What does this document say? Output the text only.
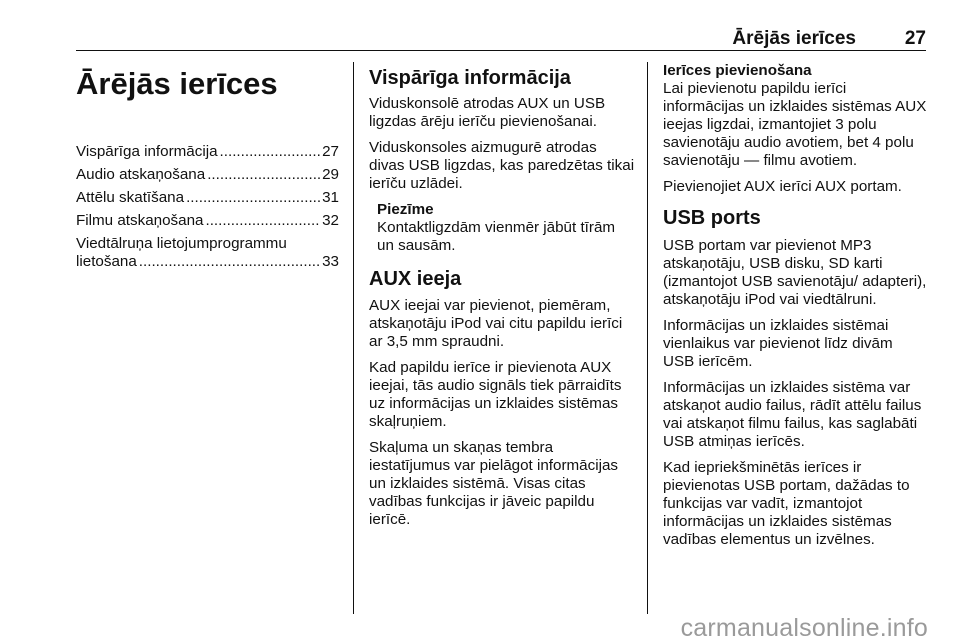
Ārējās ierīces	27
Ārējās ierīces
Vispārīga informācija .....	27
Audio atskaņošana .....	29
Attēlu skatīšana .....	31
Filmu atskaņošana .....	32
Viedtālruņa lietojumprogrammu
lietošana .....	33
Vispārīga informācija

Viduskonsolē atrodas AUX un USB ligzdas ārēju ierīču pievienošanai.

Viduskonsoles aizmugurē atrodas divas USB ligzdas, kas paredzētas tikai ierīču uzlādei.

Piezīme
Kontaktligzdām vienmēr jābūt tīrām un sausām.
AUX ieeja

AUX ieejai var pievienot, piemēram, atskaņotāju iPod vai citu papildu ierīci ar 3,5 mm spraudni.

Kad papildu ierīce ir pievienota AUX ieejai, tās audio signāls tiek pārraidīts uz informācijas un izklaides sistēmas skaļruņiem.

Skaļuma un skaņas tembra iestatījumus var pielāgot informācijas un izklaides sistēmā. Visas citas vadības funkcijas ir jāveic papildu ierīcē.

Ierīces pievienošana
Lai pievienotu papildu ierīci informācijas un izklaides sistēmas AUX ieejas ligzdai, izmantojiet 3 polu savienotāju audio avotiem, bet 4 polu savienotāju — filmu avotiem.

Pievienojiet AUX ierīci AUX portam.

USB ports

USB portam var pievienot MP3 atskaņotāju, USB disku, SD karti (izmantojot USB savienotāju/ adapteri), atskaņotāju iPod vai viedtālruni.

Informācijas un izklaides sistēmai vienlaikus var pievienot līdz divām USB ierīcēm.

Informācijas un izklaides sistēma var atskaņot audio failus, rādīt attēlu failus vai atskaņot filmu failus, kas saglabāti USB atmiņas ierīcēs.

Kad iepriekšminētās ierīces ir pievienotas USB portam, dažādas to funkcijas var vadīt, izmantojot informācijas un izklaides sistēmas vadības elementus un izvēlnes.

carmanualsonline.info
